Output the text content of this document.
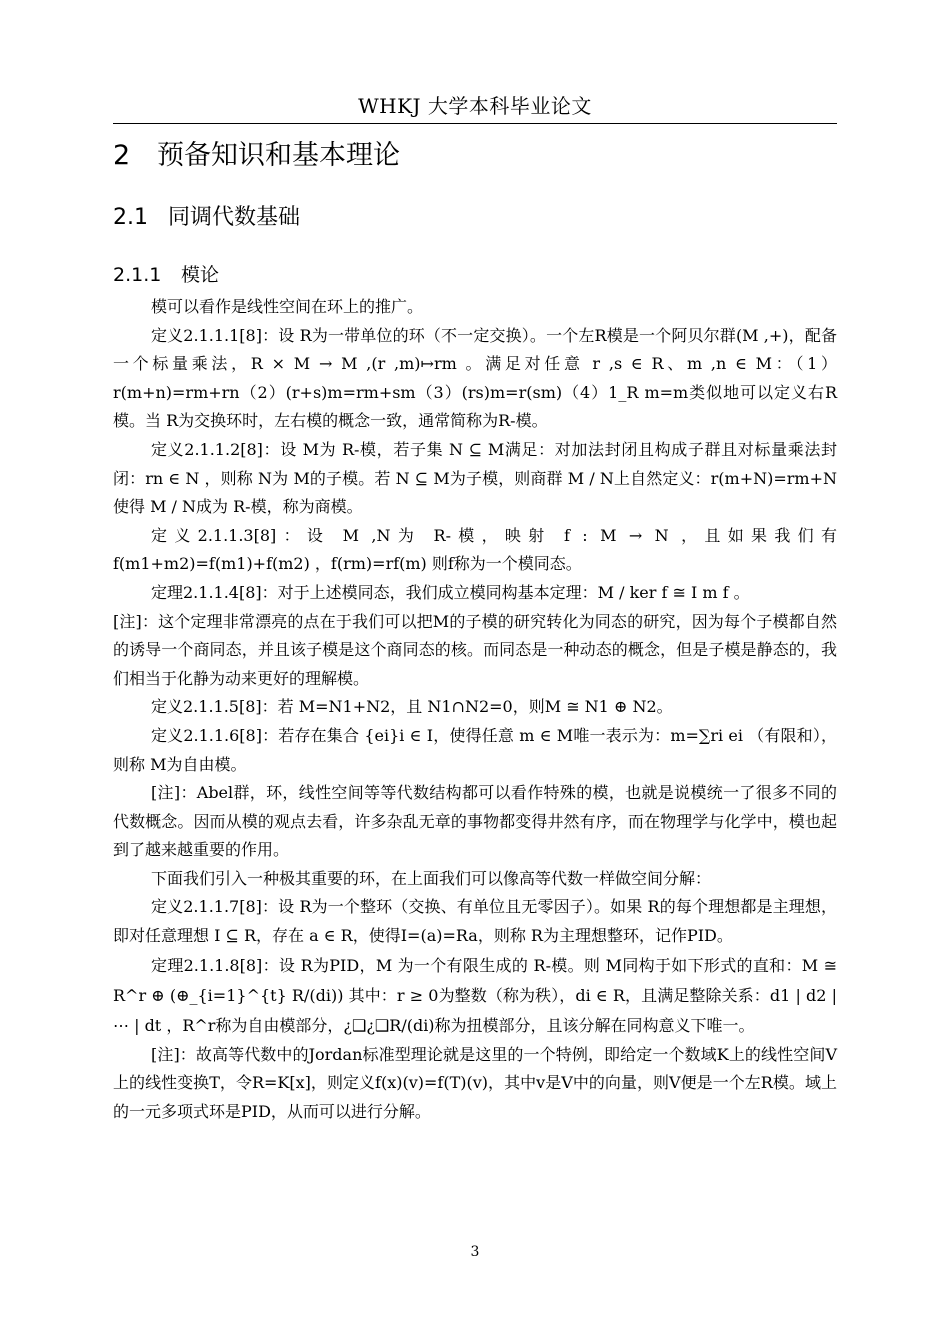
WHKJ 大学本科毕业论文
2 预备知识和基本理论
2.1 同调代数基础
2.1.1 模论

模可以看作是线性空间在环上的推广。

定义2.1.1.1[8]：设 R为一带单位的环（不一定交换）。一个左R模是一个阿贝尔群(M ,+)，配备一个标量乘法，R × M → M ,(r ,m)↦rm 。满足对任意 r ,s ∈ R、m ,n ∈ M：（1）r(m+n)=rm+rn（2）(r+s)m=rm+sm（3）(rs)m=r(sm)（4）1_R m=m类似地可以定义右R模。当 R为交换环时，左右模的概念一致，通常简称为R-模。

定义2.1.1.2[8]：设 M为 R-模，若子集 N ⊆ M满足：对加法封闭且构成子群且对标量乘法封闭：rn ∈ N ，则称 N为 M的子模。若 N ⊆ M为子模，则商群 M / N上自然定义：r(m+N)=rm+N 使得 M / N成为 R-模，称为商模。

定义2.1.1.3[8]：设 M ,N为 R-模，映射 f : M → N ，且如果我们有 f(m1+m2)=f(m1)+f(m2) ，f(rm)=rf(m) 则f称为一个模同态。

定理2.1.1.4[8]：对于上述模同态，我们成立模同构基本定理：M / ker f ≅ I m f 。

[注]：这个定理非常漂亮的点在于我们可以把M的子模的研究转化为同态的研究，因为每个子模都自然的诱导一个商同态，并且该子模是这个商同态的核。而同态是一种动态的概念，但是子模是静态的，我们相当于化静为动来更好的理解模。

定义2.1.1.5[8]：若 M=N1+N2，且 N1∩N2=0，则M ≅ N1 ⊕ N2。

定义2.1.1.6[8]：若存在集合 {ei}i ∈ I，使得任意 m ∈ M唯一表示为：m=∑ri ei （有限和），则称 M为自由模。

[注]：Abel群，环，线性空间等等代数结构都可以看作特殊的模，也就是说模统一了很多不同的代数概念。因而从模的观点去看，许多杂乱无章的事物都变得井然有序，而在物理学与化学中，模也起到了越来越重要的作用。

下面我们引入一种极其重要的环，在上面我们可以像高等代数一样做空间分解：

定义2.1.1.7[8]：设 R为一个整环（交换、有单位且无零因子）。如果 R的每个理想都是主理想，即对任意理想 I ⊆ R，存在 a ∈ R，使得I=(a)=Ra，则称 R为主理想整环，记作PID。

定理2.1.1.8[8]：设 R为PID，M 为一个有限生成的 R-模。则 M同构于如下形式的直和：M ≅ R^r ⊕ (⊕_{i=1}^{t} R/(di)) 其中：r ≥ 0为整数（称为秩），di ∈ R，且满足整除关系：d1 | d2 | ⋯ | dt ，R^r称为自由模部分，¿❑¿❑R/(di)称为扭模部分，且该分解在同构意义下唯一。

[注]：故高等代数中的Jordan标准型理论就是这里的一个特例，即给定一个数域K上的线性空间V上的线性变换T，令R=K[x]，则定义f(x)(v)=f(T)(v)，其中v是V中的向量，则V便是一个左R模。域上的一元多项式环是PID，从而可以进行分解。

3
